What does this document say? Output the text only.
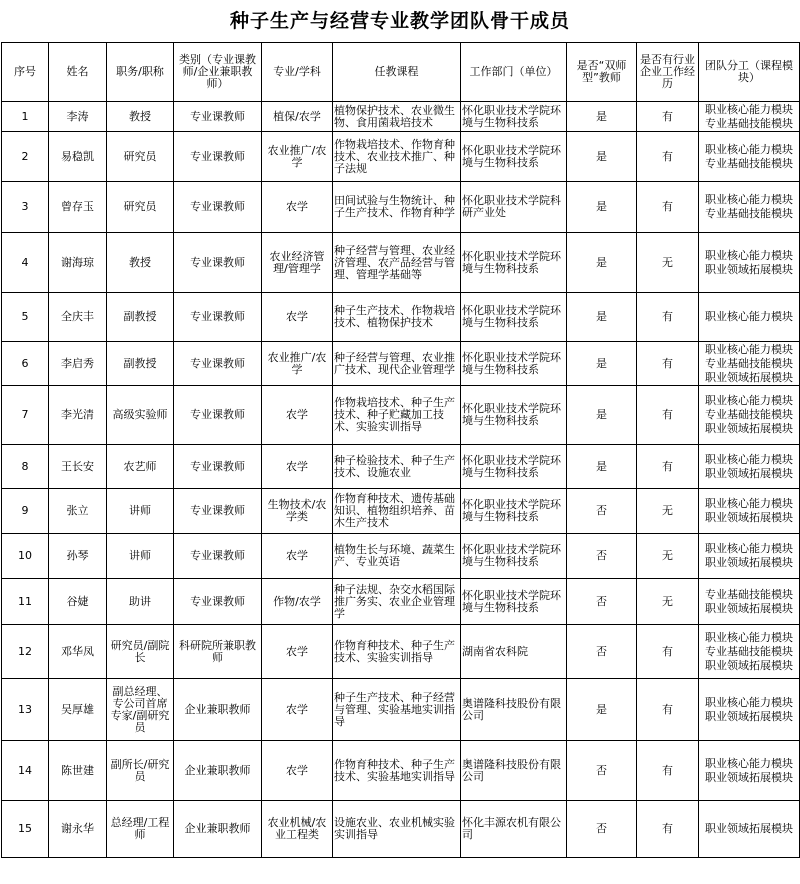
种子生产与经营专业教学团队骨干成员
序号	姓名	职务/职称	类别（专业课教师/企业兼职教师）	专业/学科	任教课程	工作部门（单位）	是否“双师型”教师	是否有行业企业工作经历	团队分工（课程模块）
1	李涛	教授	专业课教师	植保/农学	植物保护技术、农业微生物、食用菌栽培技术	怀化职业技术学院环境与生物科技系	是	有	职业核心能力模块
专业基础技能模块

2	易稳凯	研究员	专业课教师	农业推广/农学	作物栽培技术、作物育种技术、农业技术推广、种子法规	怀化职业技术学院环境与生物科技系	是	有	职业核心能力模块
专业基础技能模块

3	曾存玉	研究员	专业课教师	农学	田间试验与生物统计、种子生产技术、作物育种学	怀化职业技术学院科研产业处	是	有	职业核心能力模块
专业基础技能模块

4	谢海琼	教授	专业课教师	农业经济管理/管理学	种子经营与管理、农业经济管理、农产品经营与管理、管理学基础等	怀化职业技术学院环境与生物科技系	是	无	职业核心能力模块
职业领域拓展模块

5	全庆丰	副教授	专业课教师	农学	种子生产技术、作物栽培技术、植物保护技术	怀化职业技术学院环境与生物科技系	是	有	职业核心能力模块

6	李启秀	副教授	专业课教师	农业推广/农学	种子经营与管理、农业推广技术、现代企业管理学	怀化职业技术学院环境与生物科技系	是	有	职业核心能力模块
专业基础技能模块
职业领域拓展模块

7	李光清	高级实验师	专业课教师	农学	作物栽培技术、种子生产技术、种子贮藏加工技术、实验实训指导	怀化职业技术学院环境与生物科技系	是	有	职业核心能力模块
专业基础技能模块
职业领域拓展模块

8	王长安	农艺师	专业课教师	农学	种子检验技术、种子生产技术、设施农业	怀化职业技术学院环境与生物科技系	是	有	职业核心能力模块
职业领域拓展模块

9	张立	讲师	专业课教师	生物技术/农学类	作物育种技术、遗传基础知识、植物组织培养、苗木生产技术	怀化职业技术学院环境与生物科技系	否	无	职业核心能力模块
职业领域拓展模块

10	孙琴	讲师	专业课教师	农学	植物生长与环境、蔬菜生产、专业英语	怀化职业技术学院环境与生物科技系	否	无	职业核心能力模块
职业领域拓展模块

11	谷婕	助讲	专业课教师	作物/农学	种子法规、杂交水稻国际推广务实、农业企业管理学	怀化职业技术学院环境与生物科技系	否	无	专业基础技能模块
职业领域拓展模块

12	邓华凤	研究员/副院长	科研院所兼职教师	农学	作物育种技术、种子生产技术、实验实训指导	湖南省农科院	否	有	职业核心能力模块
专业基础技能模块
职业领域拓展模块

13	吴厚雄	副总经理、专公司首席专家/副研究员	企业兼职教师	农学	种子生产技术、种子经营与管理、实验基地实训指导	奥谱隆科技股份有限公司	是	有	职业核心能力模块
职业领域拓展模块

14	陈世建	副所长/研究员	企业兼职教师	农学	作物育种技术、种子生产技术、实验基地实训指导	奥谱隆科技股份有限公司	否	有	职业核心能力模块
职业领域拓展模块

15	谢永华	总经理/工程师	企业兼职教师	农业机械/农业工程类	设施农业、农业机械实验实训指导	怀化丰源农机有限公司	否	有	职业领域拓展模块
